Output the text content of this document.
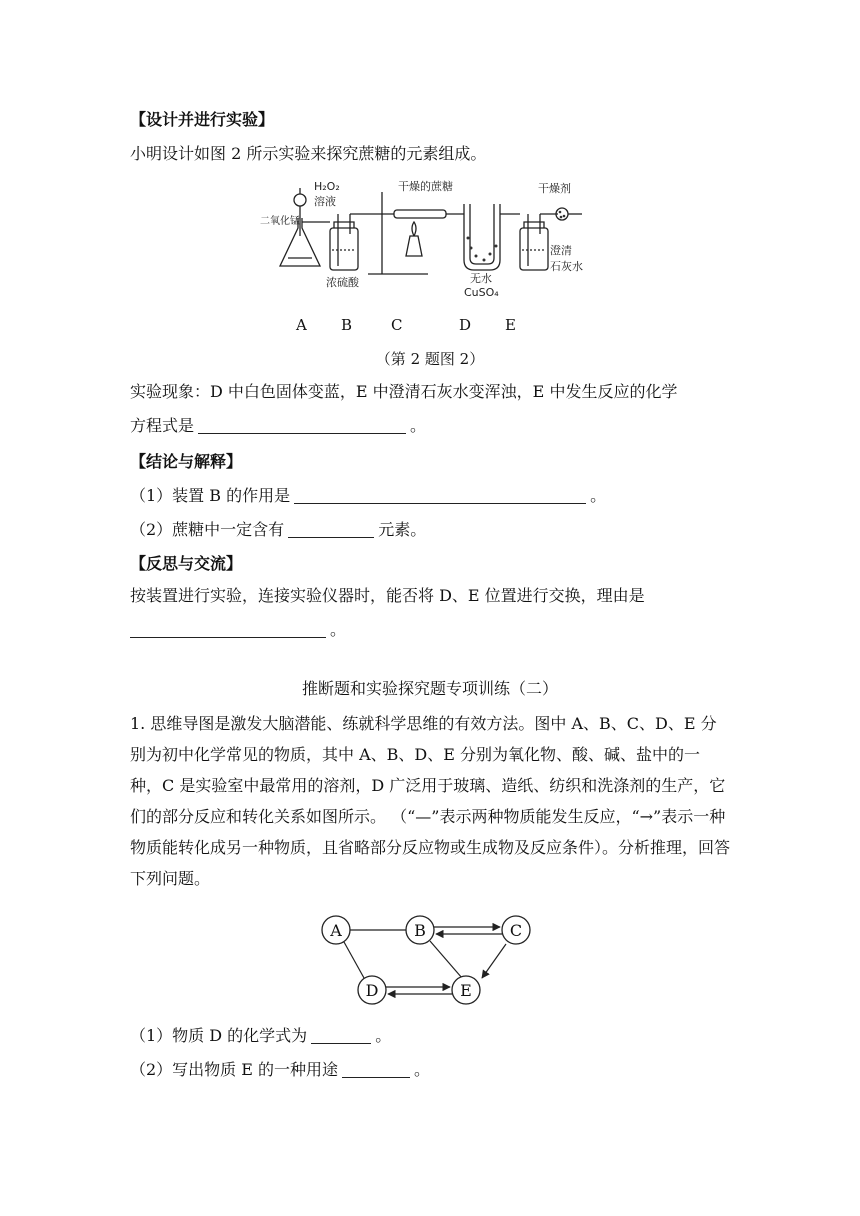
【设计并进行实验】
小明设计如图 2 所示实验来探究蔗糖的元素组成。
H₂O₂
溶液
二氧化锰
干燥的蔗糖	干燥剂
浓硫酸	无水
CuSO₄
澄清
石灰水
A B	C	D E
（第 2 题图 2）
实验现象：D 中白色固体变蓝，E 中澄清石灰水变浑浊，E 中发生反应的化学
方程式是	。
【结论与解释】
（1）装置 B 的作用是	。
（2）蔗糖中一定含有	元素。
【反思与交流】
按装置进行实验，连接实验仪器时，能否将 D、E 位置进行交换，理由是
。
推断题和实验探究题专项训练（二）
1. 思维导图是激发大脑潜能、练就科学思维的有效方法。图中 A、B、C、D、E 分别为初中化学常见的物质，其中 A、B、D、E 分别为氧化物、酸、碱、盐中的一种，C 是实验室中最常用的溶剂，D 广泛用于玻璃、造纸、纺织和洗涤剂的生产，它们的部分反应和转化关系如图所示。 （“—”表示两种物质能发生反应，“→”表示一种物质能转化成另一种物质，且省略部分反应物或生成物及反应条件）。分析推理，回答下列问题。
A	B	C
D	E
（1）物质 D 的化学式为	。
（2）写出物质 E 的一种用途	。
